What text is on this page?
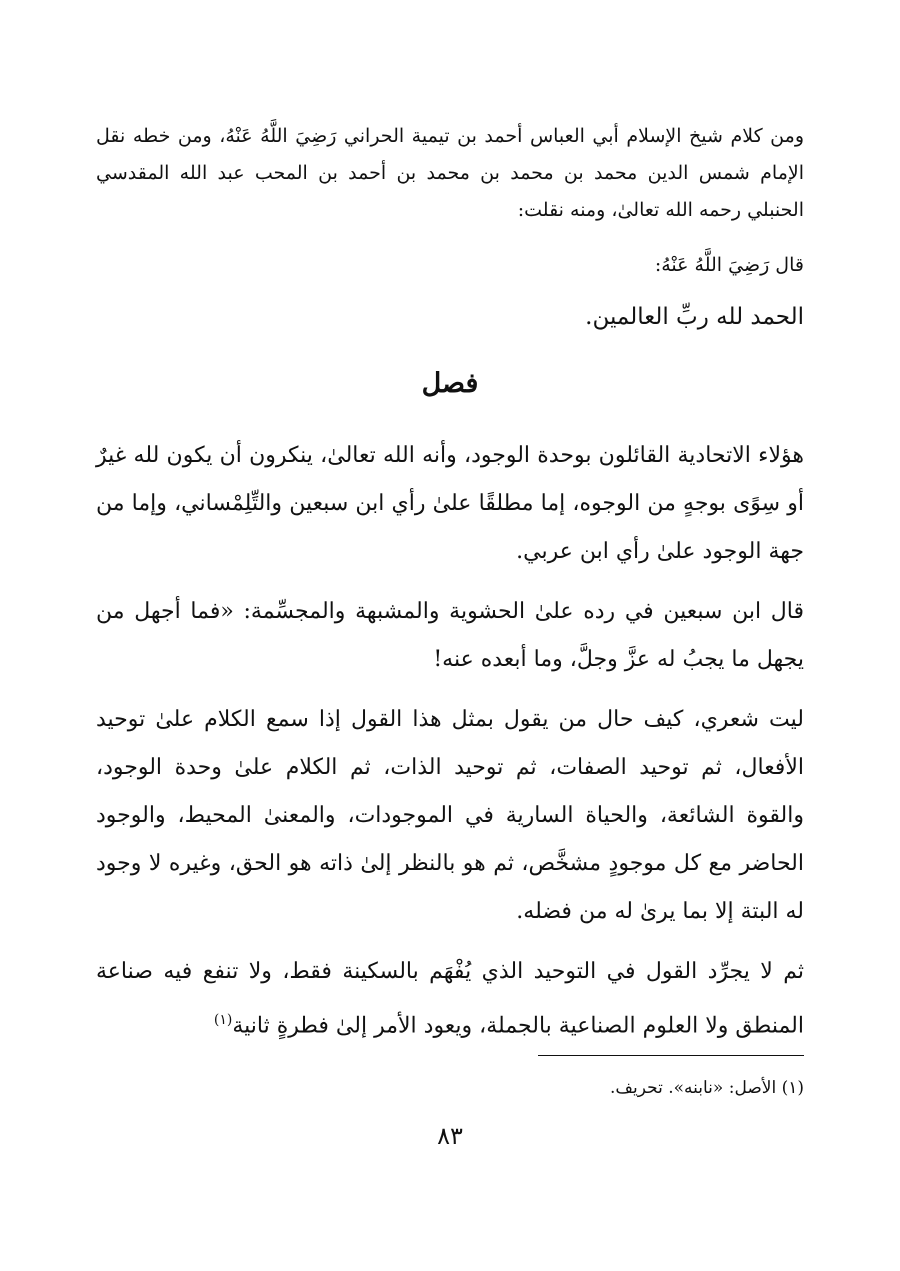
ومن كلام شيخ الإسلام أبي العباس أحمد بن تيمية الحراني رَضِيَ اللَّهُ عَنْهُ، ومن خطه نقل الإمام شمس الدين محمد بن محمد بن محمد بن أحمد بن المحب عبد الله المقدسي الحنبلي رحمه الله تعالىٰ، ومنه نقلت:

قال رَضِيَ اللَّهُ عَنْهُ:
الحمد لله ربِّ العالمين.
فصل

هؤلاء الاتحادية القائلون بوحدة الوجود، وأنه الله تعالىٰ، ينكرون أن يكون لله غيرٌ أو سِوًى بوجهٍ من الوجوه، إما مطلقًا علىٰ رأي ابن سبعين والتِّلِمْساني، وإما من جهة الوجود علىٰ رأي ابن عربي.

قال ابن سبعين في رده علىٰ الحشوية والمشبهة والمجسِّمة: «فما أجهل من يجهل ما يجبُ له عزَّ وجلَّ، وما أبعده عنه!

ليت شعري، كيف حال من يقول بمثل هذا القول إذا سمع الكلام علىٰ توحيد الأفعال، ثم توحيد الصفات، ثم توحيد الذات، ثم الكلام علىٰ وحدة الوجود، والقوة الشائعة، والحياة السارية في الموجودات، والمعنىٰ المحيط، والوجود الحاضر مع كل موجودٍ مشخَّص، ثم هو بالنظر إلىٰ ذاته هو الحق، وغيره لا وجود له البتة إلا بما يرىٰ له من فضله.

ثم لا يجرِّد القول في التوحيد الذي يُفْهَم بالسكينة فقط، ولا تنفع فيه صناعة المنطق ولا العلوم الصناعية بالجملة، ويعود الأمر إلىٰ فطرةٍ ثانية$^{(١)}$

(١) الأصل: «نابنه». تحريف.
٨٣
